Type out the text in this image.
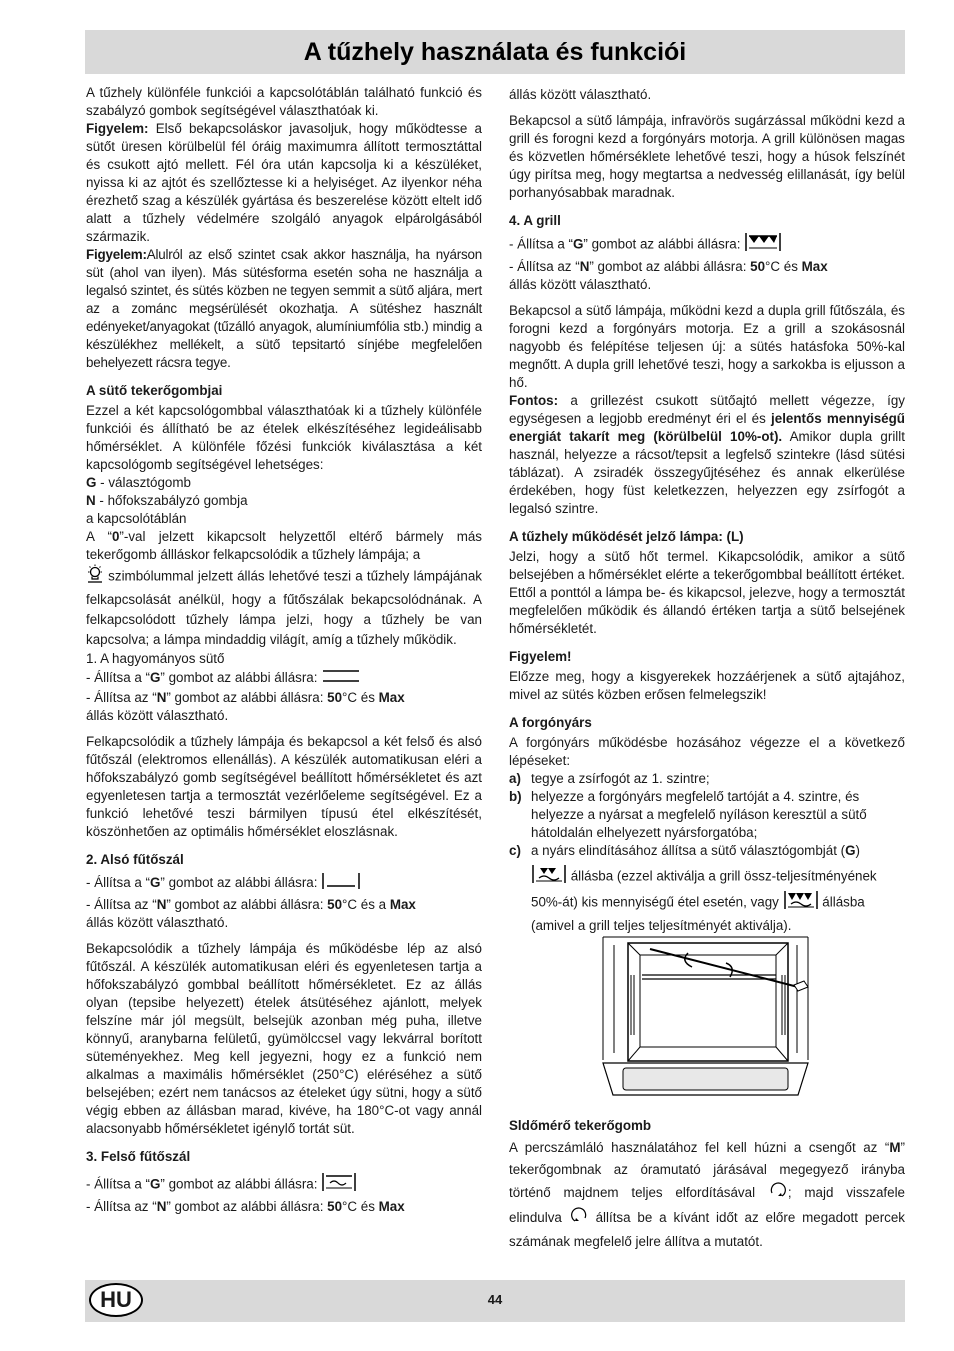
A tűzhely használata és funkciói

A tűzhely különféle funkciói a kapcsolótáblán található funkció és szabályzó gombok segítségével választhatóak ki.

Figyelem: Első bekapcsoláskor javasoljuk, hogy működtesse a sütőt üresen körülbelül fél óráig maximumra állított termosztáttal és csukott ajtó mellett. Fél óra után kapcsolja ki a készüléket, nyissa ki az ajtót és szellőztesse ki a helyiséget. Az ilyenkor néha érezhető szag a készülék gyártása és beszerelése között eltelt idő alatt a tűzhely védelmére szolgáló anyagok elpárolgásából származik.

Figyelem:Alulról az első szintet csak akkor használja, ha nyárson süt (ahol van ilyen). Más sütésforma esetén soha ne használja a legalsó szintet, és sütés közben ne tegyen semmit a sütő aljára, mert az a zománc megsérülését okozhatja. A sütéshez használt edényeket/anyagokat (tűzálló anyagok, alumíniumfólia stb.) mindig a készülékhez mellékelt, a sütő tepsitartó sínjébe megfelelően behelyezett rácsra tegye.

A sütő tekerőgombjai

Ezzel a két kapcsológombbal választhatóak ki a tűzhely különféle funkciói és állítható be az ételek elkészítéséhez legideálisabb hőmérséklet. A különféle főzési funkciók kiválasztása a két kapcsológomb segítségével lehetséges:

G - választógomb

N - hőfokszabályzó gombja

a kapcsolótáblán

A “0”-val jelzett kikapcsolt helyzettől eltérő bármely más tekerőgomb állláskor felkapcsolódik a tűzhely lámpája; a

szimbólummal jelzett állás lehetővé teszi a tűzhely lámpájának felkapcsolását anélkül, hogy a fűtőszálak bekapcsolódnának. A felkapcsolódott tűzhely lámpa jelzi, hogy a tűzhely be van kapcsolva; a lámpa mindaddig világít, amíg a tűzhely működik.

1. A hagyományos sütő

- Állítsa a “G” gombot az alábbi állásra:

- Állítsa az “N” gombot az alábbi állásra: 50°C és Max

állás között választható.

Felkapcsolódik a tűzhely lámpája és bekapcsol a két felső és alsó fűtőszál (elektromos ellenállás). A készülék automatikusan eléri a hőfokszabályzó gomb segítségével beállított hőmérsékletet és azt egyenletesen tartja a termosztát vezérlőeleme segítségével. Ez a funkció lehetővé teszi bármilyen típusú étel elkészítését, köszönhetően az optimális hőmérséklet eloszlásnak.

2. Alsó fűtőszál

- Állítsa a “G” gombot az alábbi állásra:

- Állítsa az “N” gombot az alábbi állásra: 50°C és a Max

állás között választható.

Bekapcsolódik a tűzhely lámpája és működésbe lép az alsó fűtőszál. A készülék automatikusan eléri és egyenletesen tartja a hőfokszabályzó gombbal beállított hőmérsékletet. Ez az állás olyan (tepsibe helyezett) ételek átsütéséhez ajánlott, melyek felszíne már jól megsült, belsejük azonban még puha, illetve könnyű, aranybarna felületű, gyümölccsel vagy lekvárral borított süteményekhez. Meg kell jegyezni, hogy ez a funkció nem alkalmas a maximális hőmérséklet (250°C) eléréséhez a sütő belsejében; ezért nem tanácsos az ételeket úgy sütni, hogy a sütő végig ebben az állásban marad, kivéve, ha 180°C-ot vagy annál alacsonyabb hőmérsékletet igénylő tortát süt.

3. Felső fűtőszál

- Állítsa a “G” gombot az alábbi állásra:

- Állítsa az “N” gombot az alábbi állásra: 50°C és Max

állás között választható.

Bekapcsol a sütő lámpája, infravörös sugárzással működni kezd a grill és forogni kezd a forgónyárs motorja. A grill különösen magas és közvetlen hőmérséklete lehetővé teszi, hogy a húsok felszínét úgy pirítsa meg, hogy megtartsa a nedvesség elillanását, így belül porhanyósabbak maradnak.

4. A grill

- Állítsa a “G” gombot az alábbi állásra:

- Állítsa az “N” gombot az alábbi állásra: 50°C és Max

állás között választható.

Bekapcsol a sütő lámpája, működni kezd a dupla grill fűtőszála, és forogni kezd a forgónyárs motorja. Ez a grill a szokásosnál nagyobb és felépítése teljesen új: a sütés hatásfoka 50%-kal megnőtt. A dupla grill lehetővé teszi, hogy a sarkokba is eljusson a hő.

Fontos: a grillezést csukott sütőajtó mellett végezze, így egységesen a legjobb eredményt éri el és jelentős mennyiségű energiát takarít meg (körülbelül 10%-ot). Amikor dupla grillt használ, helyezze a rácsot/tepsit a legfelső szintekre (lásd sütési táblázat). A zsiradék összegyűjtéséhez és annak elkerülése érdekében, hogy füst keletkezzen, helyezzen egy zsírfogót a legalsó szintre.

A tűzhely működését jelző lámpa: (L)

Jelzi, hogy a sütő hőt termel. Kikapcsolódik, amikor a sütő belsejében a hőmérséklet elérte a tekerőgombbal beállított értéket. Ettől a ponttól a lámpa be- és kikapcsol, jelezve, hogy a termosztát megfelelően működik és állandó értéken tartja a sütő belsejének hőmérsékletét.

Figyelem!

Előzze meg, hogy a kisgyerekek hozzáérjenek a sütő ajtajához, mivel az sütés közben erősen felmelegszik!

A forgónyárs

A forgónyárs működésbe hozásához végezze el a következő lépéseket:

a) tegye a zsírfogót az 1. szintre;
b) helyezze a forgónyárs megfelelő tartóját a 4. szintre, és helyezze a nyársat a megfelelő nyíláson keresztül a sütő hátoldalán elhelyezett nyársforgatóba;
c) a nyárs elindításához állítsa a sütő választógombját (G)

állásba (ezzel aktiválja a grill össz-teljesítményének 50%-át) kis mennyiségű étel esetén, vagy	állásba (amivel a grill teljes teljesítményét aktiválja).

Sldőmérő tekerőgomb

A percszámláló használatához fel kell húzni a csengőt az “M” tekerőgombnak az óramutató járásával megegyező irányba történő majdnem teljes elfordításával ; majd visszafele elindulva  állítsa be a kívánt időt az előre megadott percek számának megfelelő jelre állítva a mutatót.

HU	44
